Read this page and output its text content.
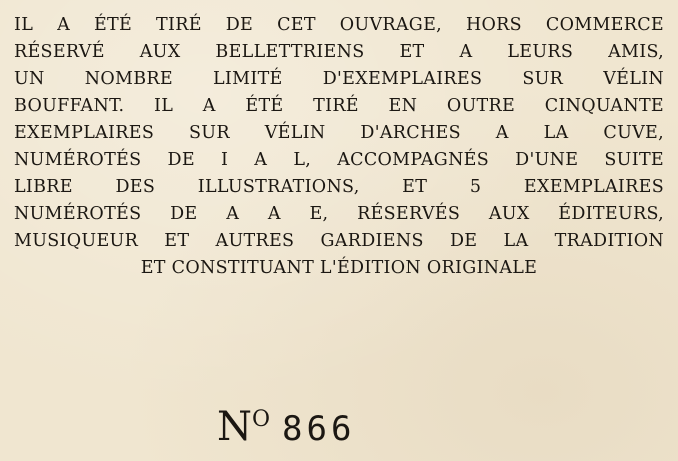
IL A ÉTÉ TIRÉ DE CET OUVRAGE, HORS COMMERCE
RÉSERVÉ AUX BELLETTRIENS ET A LEURS AMIS,
UN NOMBRE LIMITÉ D'EXEMPLAIRES SUR VÉLIN
BOUFFANT. IL A ÉTÉ TIRÉ EN OUTRE CINQUANTE
EXEMPLAIRES SUR VÉLIN D'ARCHES A LA CUVE,
NUMÉROTÉS DE I A L, ACCOMPAGNÉS D'UNE SUITE
LIBRE DES ILLUSTRATIONS, ET 5 EXEMPLAIRES
NUMÉROTÉS DE A A E, RÉSERVÉS AUX ÉDITEURS,
MUSIQUEUR ET AUTRES GARDIENS DE LA TRADITION
ET CONSTITUANT L'ÉDITION ORIGINALE
$N^O$ 866
